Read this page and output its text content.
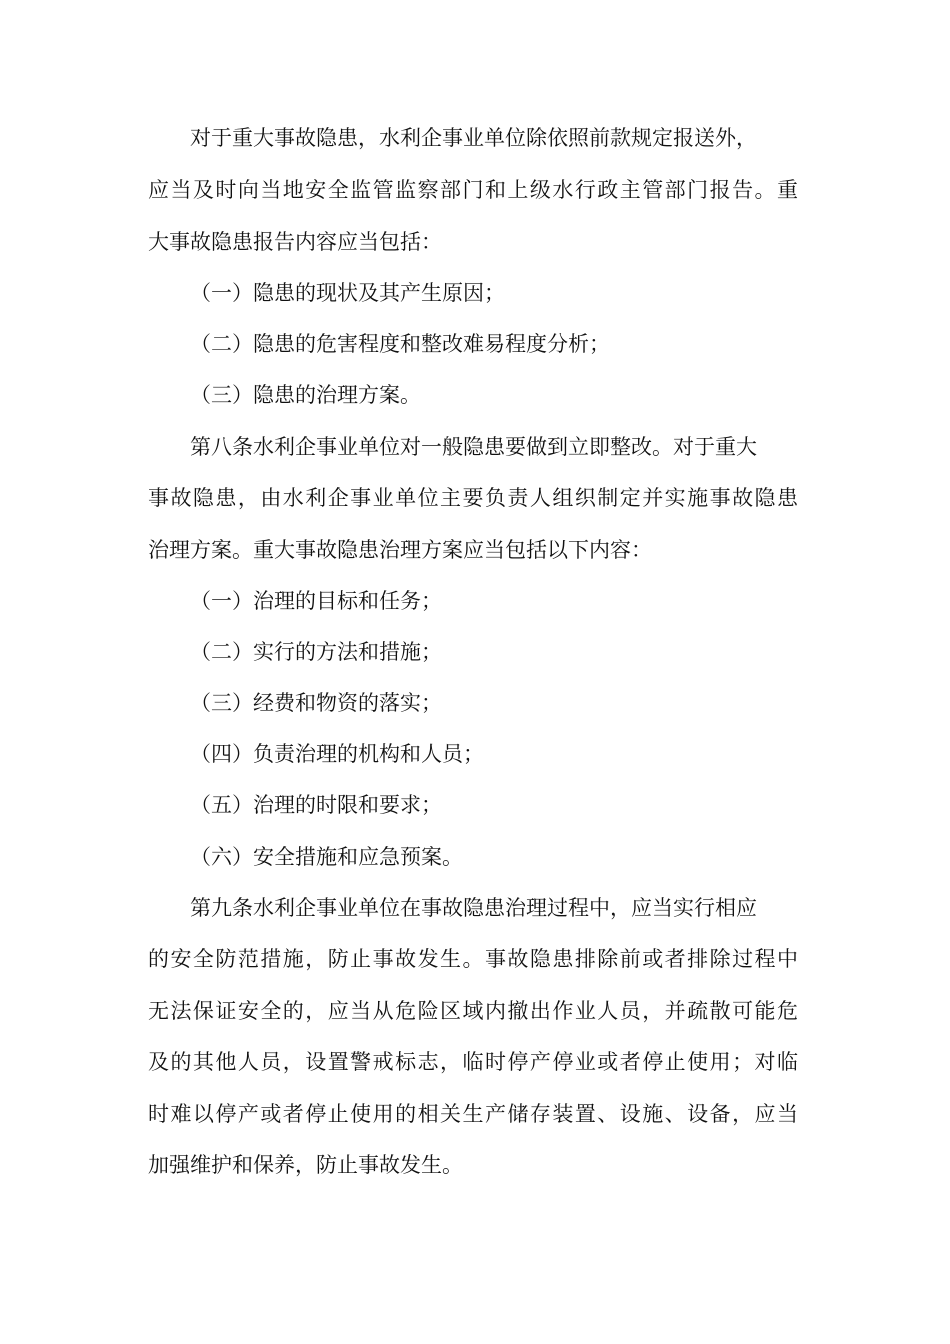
对于重大事故隐患，水利企事业单位除依照前款规定报送外，
应当及时向当地安全监管监察部门和上级水行政主管部门报告。重
大事故隐患报告内容应当包括：
（一）隐患的现状及其产生原因；
（二）隐患的危害程度和整改难易程度分析；
（三）隐患的治理方案。
第八条水利企事业单位对一般隐患要做到立即整改。对于重大
事故隐患，由水利企事业单位主要负责人组织制定并实施事故隐患
治理方案。重大事故隐患治理方案应当包括以下内容：
（一）治理的目标和任务；
（二）实行的方法和措施；
（三）经费和物资的落实；
（四）负责治理的机构和人员；
（五）治理的时限和要求；
（六）安全措施和应急预案。
第九条水利企事业单位在事故隐患治理过程中，应当实行相应
的安全防范措施，防止事故发生。事故隐患排除前或者排除过程中
无法保证安全的，应当从危险区域内撤出作业人员，并疏散可能危
及的其他人员，设置警戒标志，临时停产停业或者停止使用；对临
时难以停产或者停止使用的相关生产储存装置、设施、设备，应当
加强维护和保养，防止事故发生。
